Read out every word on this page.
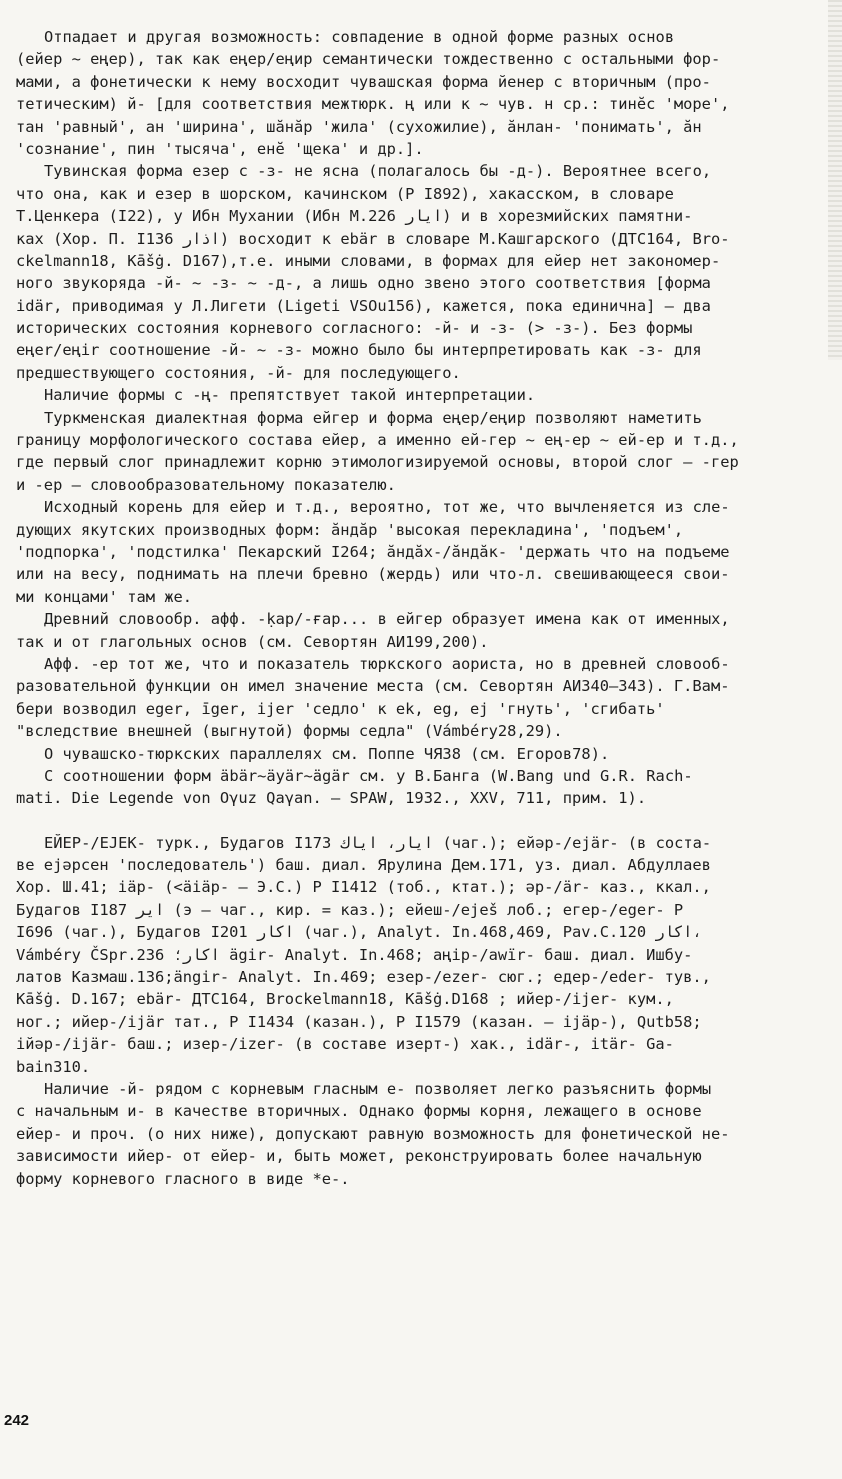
Отпадает и другая возможность: совпадение в одной форме разных основ
(ейер ~ еңер), так как еңер/еңир семантически тождественно с остальными фор-
мами, а фонетически к нему восходит чувашская форма йенер с вторичным (про-
тетическим) й- [для соответствия межтюрк. ң или к ~ чув. н ср.: тинĕс 'море',
тан 'равный', ан 'ширина', шăнăр 'жила' (сухожилие), ăнлан- 'понимать', ăн
'сознание', пин 'тысяча', енĕ 'щека' и др.].
Тувинская форма езер с -з- не ясна (полагалось бы -д-). Вероятнее всего,
что она, как и езер в шорском, качинском (Р I892), хакасском, в словаре
Т.Ценкера (I22), у Ибн Мухании (Ибн М.226 ﺍﻳﺎﺭ) и в хорезмийских памятни-
ках (Хор. П. I136 ﺍﺫﺍﺭ) восходит к ebär в словаре М.Кашгарского (ДТС164, Bro-
ckelmann18, Kāšġ. D167),т.е. иными словами, в формах для ейер нет закономер-
ного звукоряда -й- ~ -з- ~ -д-, а лишь одно звено этого соответствия [форма
idär, приводимая у Л.Лигети (Ligeti VSOu156), кажется, пока единична] – два
исторических состояния корневого согласного: -й- и -з- (> -з-). Без формы
eңer/eңir соотношение -й- ~ -з- можно было бы интерпретировать как -з- для
предшествующего состояния, -й- для последующего.
Наличие формы с -ң- препятствует такой интерпретации.
Туркменская диалектная форма ейгер и форма еңер/еңир позволяют наметить
границу морфологического состава ейер, а именно ей-гер ~ ең-ер ~ ей-ер и т.д.,
где первый слог принадлежит корню этимологизируемой основы, второй слог – -гер
и -ер – словообразовательному показателю.
Исходный корень для ейер и т.д., вероятно, тот же, что вычленяется из сле-
дующих якутских производных форм: ăндăр 'высокая перекладина', 'подъем',
'подпорка', 'подстилка' Пекарский I264; ăндăх-/ăндăк- 'держать что на подъеме
или на весу, поднимать на плечи бревно (жердь) или что-л. свешивающееся свои-
ми концами' там же.
Древний словообр. афф. -ḳар/-ғар... в ейгер образует имена как от именных,
так и от глагольных основ (см. Севортян АИ199,200).
Афф. -ер тот же, что и показатель тюркского аориста, но в древней словооб-
разовательной функции он имел значение места (см. Севортян АИ340–343). Г.Вам-
бери возводил eger, īger, ijer 'седло' к ek, eg, ej 'гнуть', 'сгибать'
"вследствие внешней (выгнутой) формы седла" (Vámbéry28,29).
О чувашско-тюркских параллелях см. Поппе ЧЯ38 (см. Егоров78).
С соотношении форм äbär~äyär~ägär см. у В.Банга (W.Bang und G.R. Rach-
mati. Die Legende von Oγuz Qaγan. – SPAW, 1932., XXV, 711, прим. 1).
ЕЙЕР-/EJEK- турк., Будагов I173 ﺍﻳﺎﺭ، ﺍﻳﺎﻙ (чаг.); ейәр-/ejär- (в соста-
ве еjәрсен 'последователь') баш. диал. Ярулина Дем.171, уз. диал. Абдуллаев
Хор. Ш.41; iäp- (<äiäp- – Э.С.) Р I1412 (тоб., ктат.); әр-/är- каз., ккал.,
Будагов I187 ﺍﻳﺮ (э – чаг., кир. = каз.); ейеш-/eješ лоб.; егер-/eger- Р
I696 (чаг.), Будагов I201 ﺍﻛﺎﺭ (чаг.), Analyt. In.468,469, Pav.C.120 ﺍﻛﺎﺭ،
Vámbéry ČSpr.236 ﺍﻛﺎﺭ؛ ägir- Analyt. In.468; аңір-/awïr- баш. диал. Ишбу-
латов Казмаш.136;ängir- Analyt. In.469; езер-/ezer- сюг.; едер-/eder- тув.,
Kāšġ. D.167; ebär- ДТС164, Brockelmann18, Kāšġ.D168 ; ийер-/ijer- кум.,
ног.; ийер-/ijär тат., Р I1434 (казан.), Р I1579 (казан. – ijäp-), Qutb58;
iйәр-/ijär- баш.; изер-/izer- (в составе изерт-) хак., idär-, itär- Ga-
bain310.
Наличие -й- рядом с корневым гласным е- позволяет легко разъяснить формы
с начальным и- в качестве вторичных. Однако формы корня, лежащего в основе
ейер- и проч. (о них ниже), допускают равную возможность для фонетической не-
зависимости ийер- от ейер- и, быть может, реконструировать более начальную
форму корневого гласного в виде *е-.
242
